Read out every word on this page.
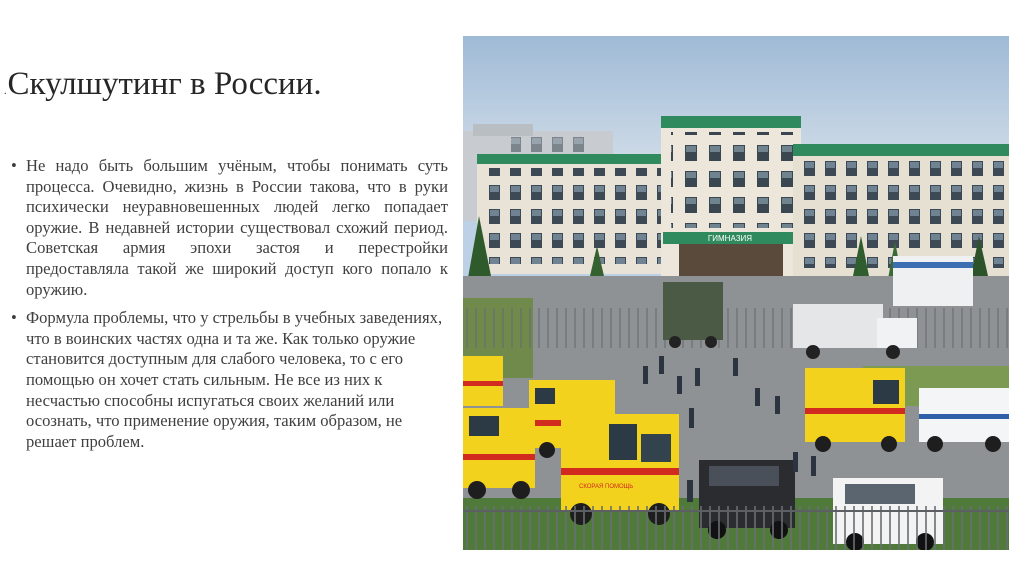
.Скулшутинг в России.
• Не надо быть большим учёным, чтобы понимать суть процесса. Очевидно, жизнь в России такова, что в руки психически неуравновешенных людей легко попадает оружие. В недавней истории существовал схожий период. Советская армия эпохи застоя и перестройки предоставляла такой же широкий доступ кого попало к оружию.
• Формула проблемы, что у стрельбы в учебных заведениях, что в воинских частях одна и та же. Как только оружие становится доступным для слабого человека, то с его помощью он хочет стать сильным. Не все из них к несчастью способны испугаться своих желаний или осознать, что применение оружия, таким образом, не решает проблем.
ГИМНАЗИЯ
СКОРАЯ ПОМОЩЬ
